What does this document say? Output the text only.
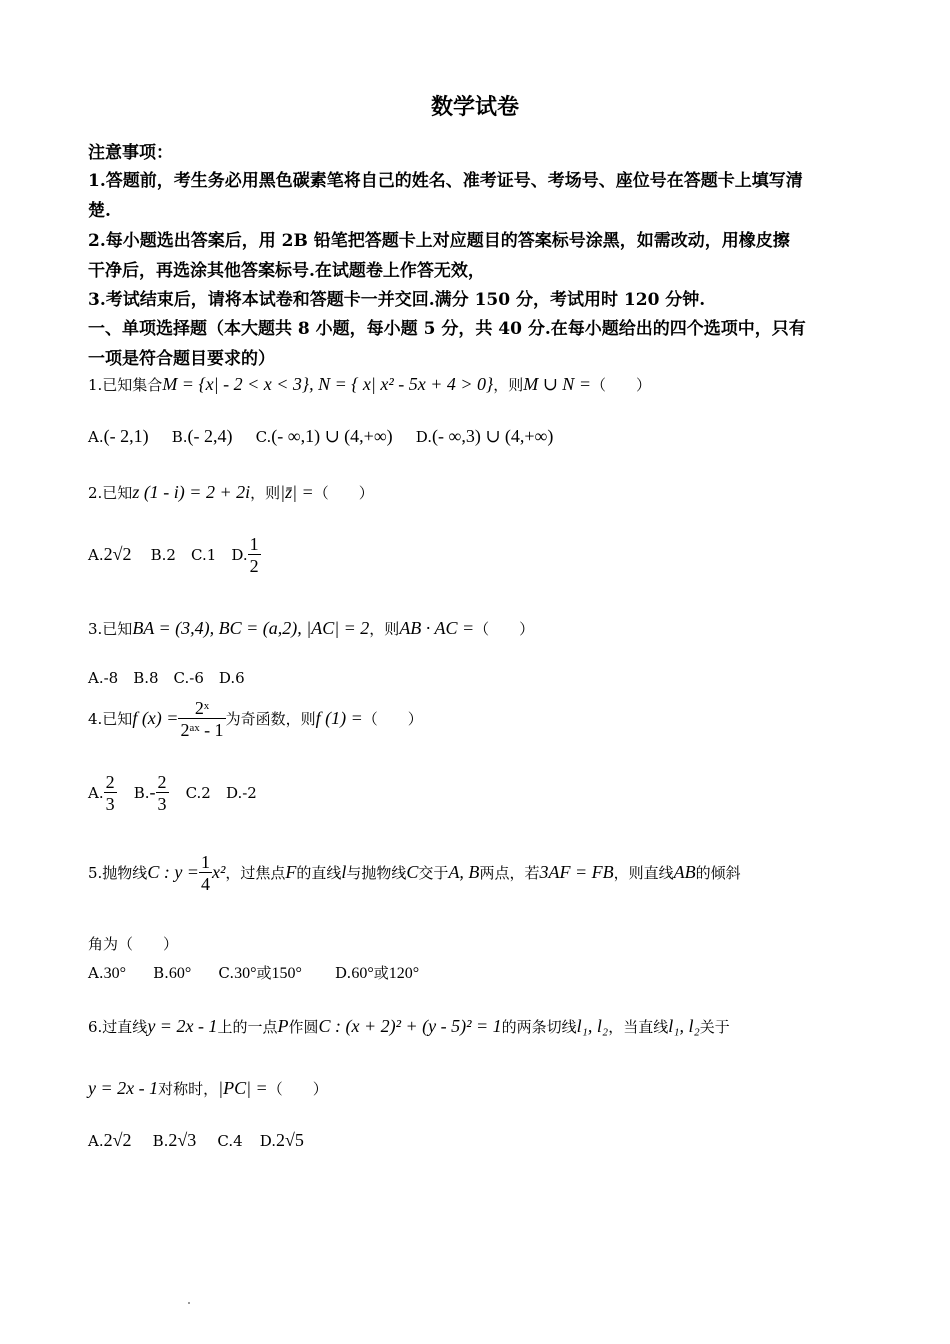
数学试卷
注意事项：
1.答题前，考生务必用黑色碳素笔将自己的姓名、准考证号、考场号、座位号在答题卡上填写清
楚.
2.每小题选出答案后，用 2B 铅笔把答题卡上对应题目的答案标号涂黑，如需改动，用橡皮擦
干净后，再选涂其他答案标号.在试题卷上作答无效，
3.考试结束后，请将本试卷和答题卡一并交回.满分 150 分，考试用时 120 分钟.
一、单项选择题（本大题共 8 小题，每小题 5 分，共 40 分.在每小题给出的四个选项中，只有
一项是符合题目要求的）
1.已知集合M = {x| - 2 < x < 3}, N = { x| x² - 5x + 4 > 0}，则M ∪ N =（　　）
A.(- 2,1) B.(- 2,4) C.(- ∞,1) ∪ (4,+∞) D.(- ∞,3) ∪ (4,+∞)
2.已知z (1 - i) = 2 + 2i，则|z̄| =（　　）
A.2√2 B.2 C.1 D. $\frac{1}{2}$
3.已知BA = (3,4), BC = (a,2), |AC| = 2，则AB · AC =（　　）
A.-8　B.8　C.-6　D.6
4.已知f $(x) = \frac{\text{2ˣ}}{\text{2ᵃˣ - 1}}$ 为奇函数，则f (1) =（　　）
A. $\frac{2}{3} B.- \frac{2}{3} C.2$ D.-2
5.抛物线C : $y = \frac{1}{4} x^2$，过焦点F的直线l与抛物线C交于A, B两点，若3AF = FB，则直线AB的倾斜
角为（　　）
A.30° B.60° C.30°或150° D.60°或120°
6.过直线y = 2x - 1上的一点P作圆C : (x + 2)² + (y - 5)² = 1的两条切线l₁, l₂，当直线l₁, l₂关于
y = 2x - 1对称时，|PC| =（　　）
A.2√2 B.2√3 C.4 D.2√5
